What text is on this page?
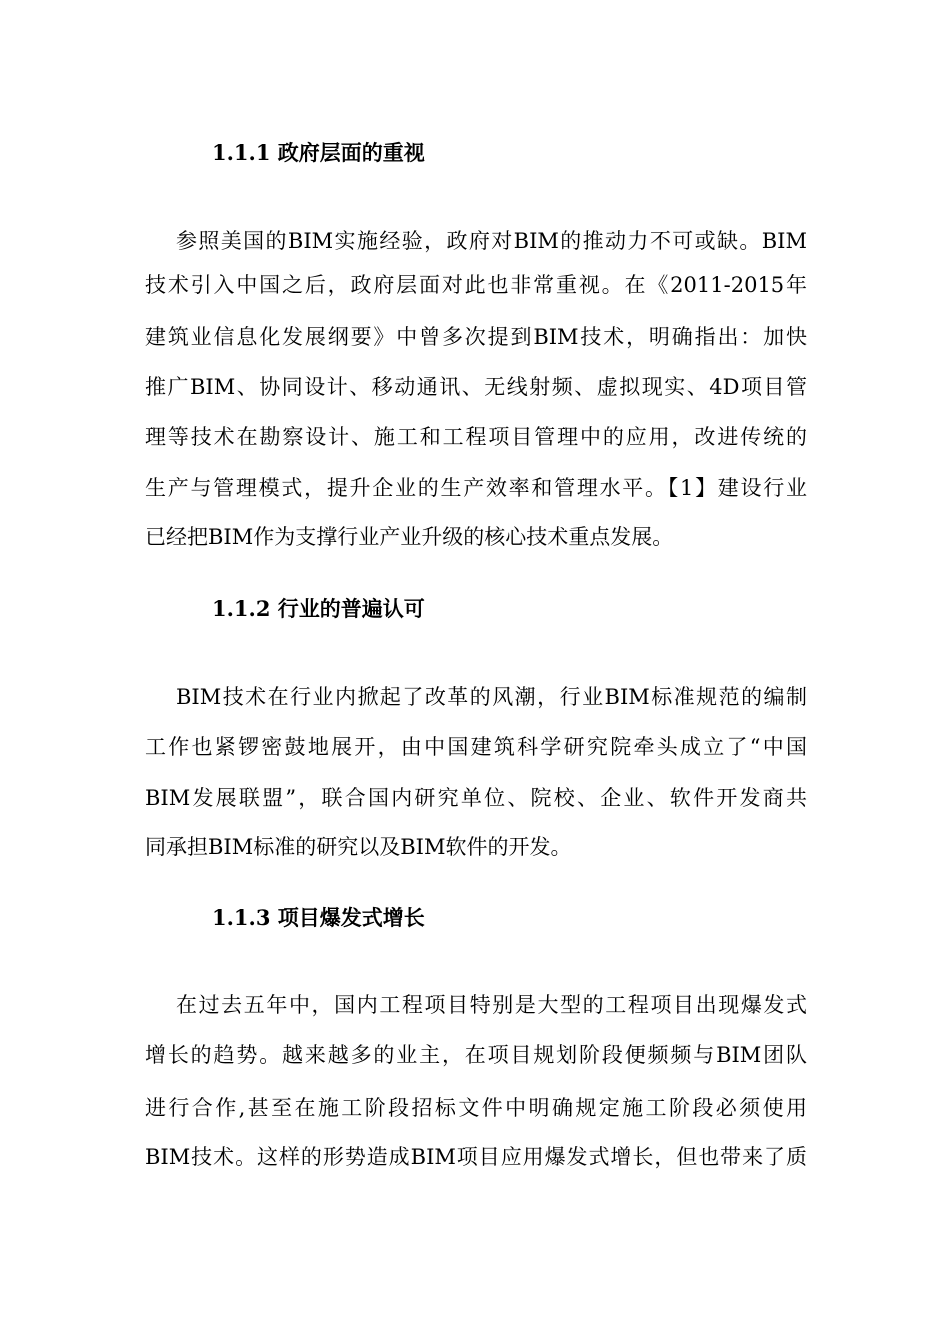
1.1.1 政府层面的重视
参照美国的BIM实施经验，政府对BIM的推动力不可或缺。BIM
技术引入中国之后，政府层面对此也非常重视。在《2011-2015年
建筑业信息化发展纲要》中曾多次提到BIM技术，明确指出：加快
推广BIM、协同设计、移动通讯、无线射频、虚拟现实、4D项目管
理等技术在勘察设计、施工和工程项目管理中的应用，改进传统的
生产与管理模式，提升企业的生产效率和管理水平。【1】建设行业
已经把BIM作为支撑行业产业升级的核心技术重点发展。
1.1.2 行业的普遍认可
BIM技术在行业内掀起了改革的风潮，行业BIM标准规范的编制
工作也紧锣密鼓地展开，由中国建筑科学研究院牵头成立了“中国
BIM发展联盟”，联合国内研究单位、院校、企业、软件开发商共
同承担BIM标准的研究以及BIM软件的开发。
1.1.3 项目爆发式增长
在过去五年中，国内工程项目特别是大型的工程项目出现爆发式
增长的趋势。越来越多的业主，在项目规划阶段便频频与BIM团队
进行合作,甚至在施工阶段招标文件中明确规定施工阶段必须使用
BIM技术。这样的形势造成BIM项目应用爆发式增长，但也带来了质
